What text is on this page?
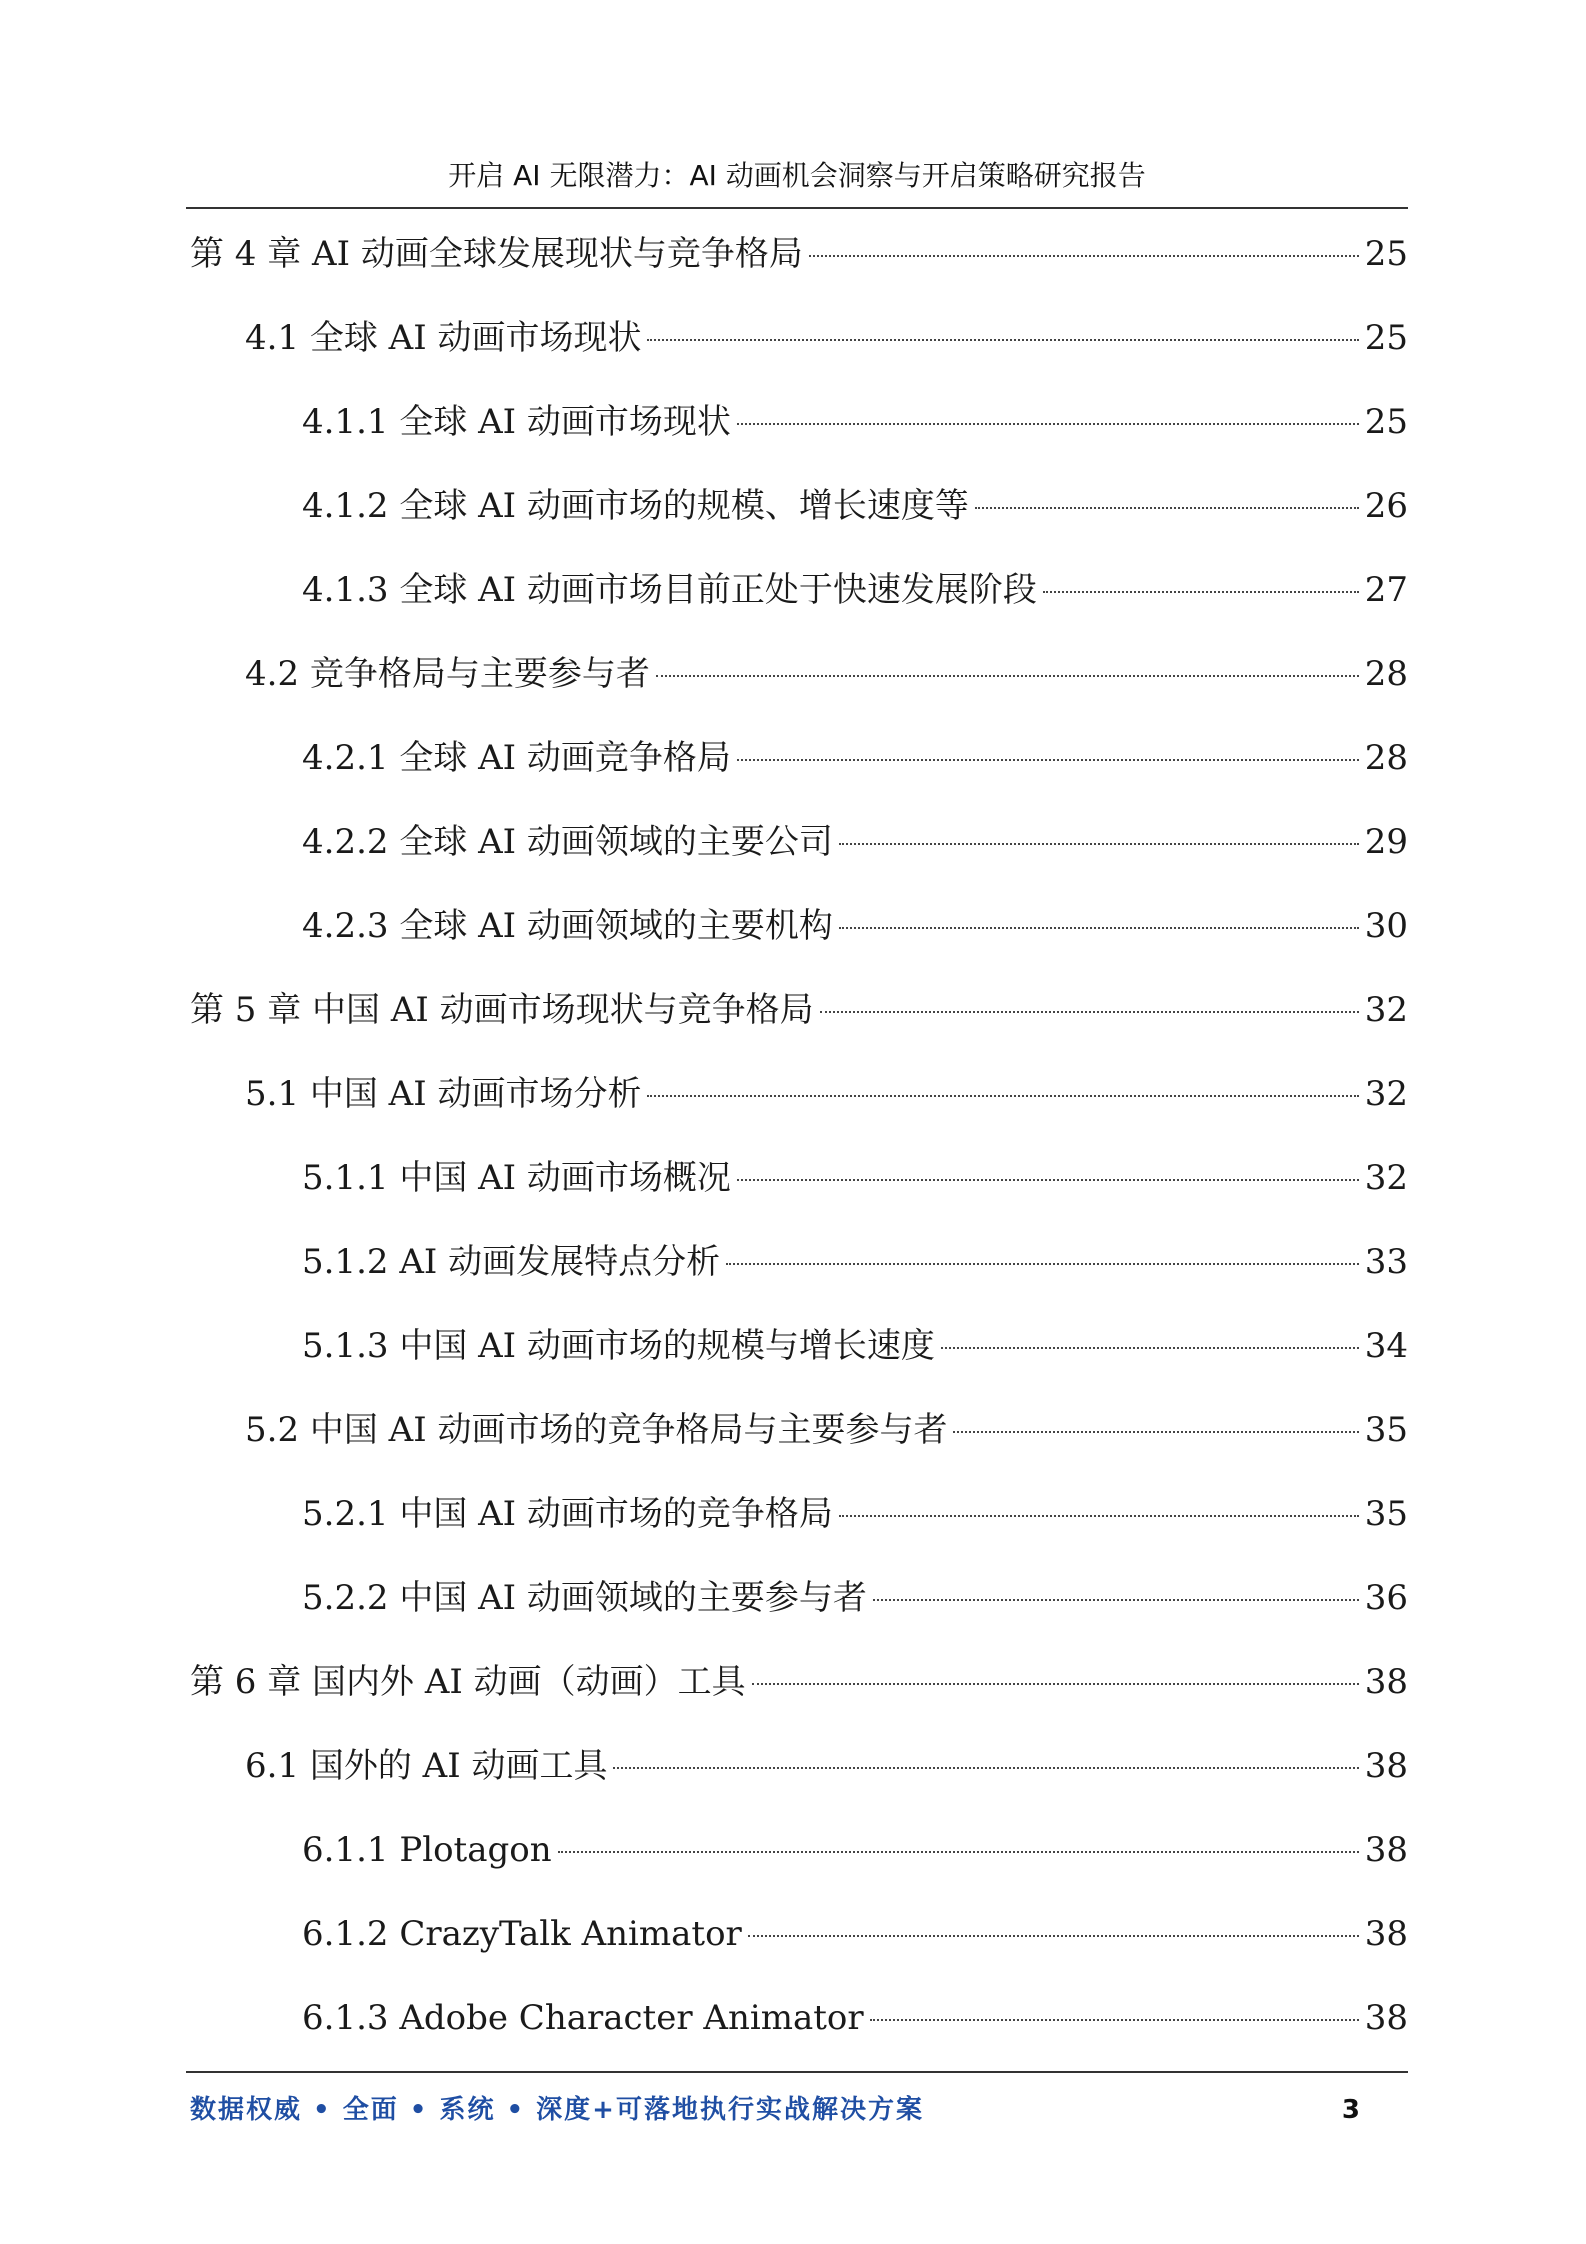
开启 AI 无限潜力：AI 动画机会洞察与开启策略研究报告
第 4 章 AI 动画全球发展现状与竞争格局	25
4.1 全球 AI 动画市场现状	25
4.1.1 全球 AI 动画市场现状	25
4.1.2 全球 AI 动画市场的规模、增长速度等	26
4.1.3 全球 AI 动画市场目前正处于快速发展阶段	27
4.2 竞争格局与主要参与者	28
4.2.1 全球 AI 动画竞争格局	28
4.2.2 全球 AI 动画领域的主要公司	29
4.2.3 全球 AI 动画领域的主要机构	30
第 5 章 中国 AI 动画市场现状与竞争格局	32
5.1 中国 AI 动画市场分析	32
5.1.1 中国 AI 动画市场概况	32
5.1.2 AI 动画发展特点分析	33
5.1.3 中国 AI 动画市场的规模与增长速度	34
5.2 中国 AI 动画市场的竞争格局与主要参与者	35
5.2.1 中国 AI 动画市场的竞争格局	35
5.2.2 中国 AI 动画领域的主要参与者	36
第 6 章 国内外 AI 动画（动画）工具	38
6.1 国外的 AI 动画工具	38
6.1.1 Plotagon	38
6.1.2 CrazyTalk Animator	38
6.1.3 Adobe Character Animator	38
数据权威 • 全面 • 系统 • 深度+可落地执行实战解决方案	3
